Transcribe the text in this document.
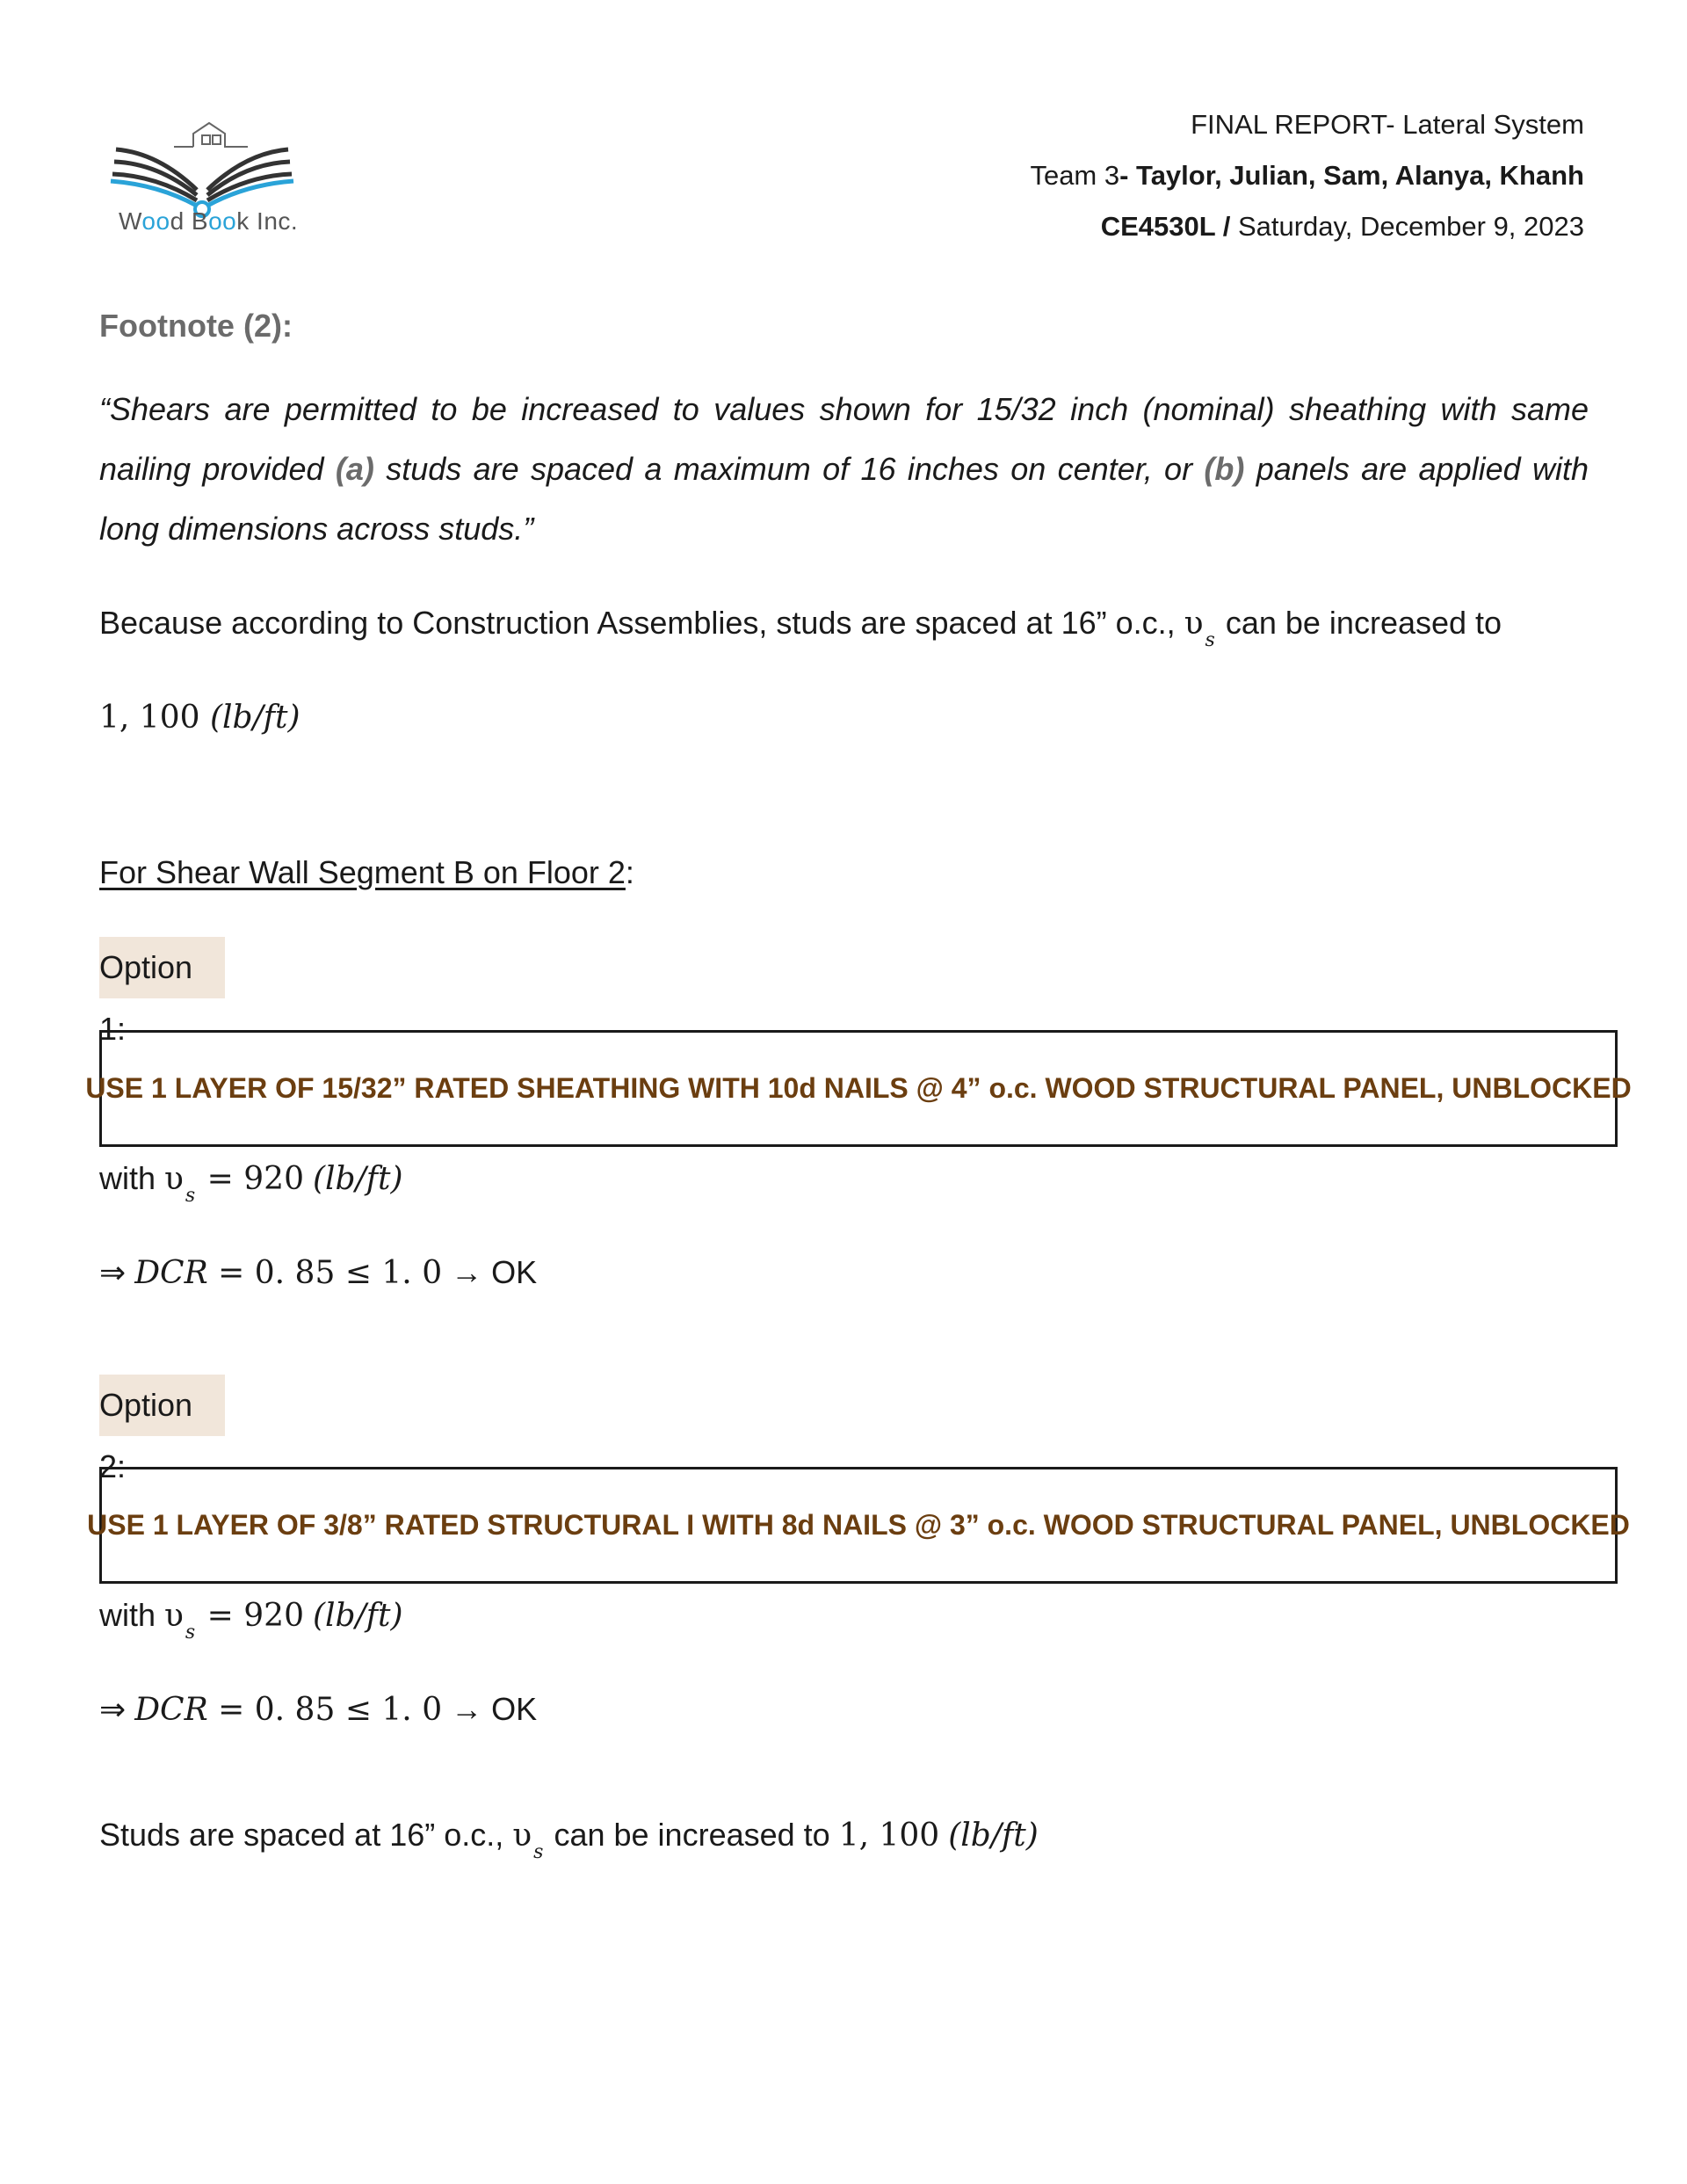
Wood Book Inc.
FINAL REPORT- Lateral System
Team 3- Taylor, Julian, Sam, Alanya, Khanh
CE4530L / Saturday, December 9, 2023
Footnote (2):
“Shears are permitted to be increased to values shown for 15/32 inch (nominal) sheathing with same nailing provided (a) studs are spaced a maximum of 16 inches on center, or (b) panels are applied with long dimensions across studs.”
Because according to Construction Assemblies, studs are spaced at 16” o.c., $\upsilon_s$ can be increased to
1, 100 (lb/ft)
For Shear Wall Segment B on Floor 2:
Option 1:
USE 1 LAYER OF 15/32” RATED SHEATHING WITH 10d NAILS @ 4” o.c. WOOD STRUCTURAL PANEL, UNBLOCKED
with $\upsilon_s = 920$ (lb/ft)
⇒ DCR = 0. 85 ≤ 1. 0 → OK
Option 2:
USE 1 LAYER OF 3/8” RATED STRUCTURAL I WITH 8d NAILS @ 3” o.c. WOOD STRUCTURAL PANEL, UNBLOCKED
with $\upsilon_s = 920$ (lb/ft)
⇒ DCR = 0. 85 ≤ 1. 0 → OK
Studs are spaced at 16” o.c., $\upsilon_s$ can be increased to 1, 100 (lb/ft)
